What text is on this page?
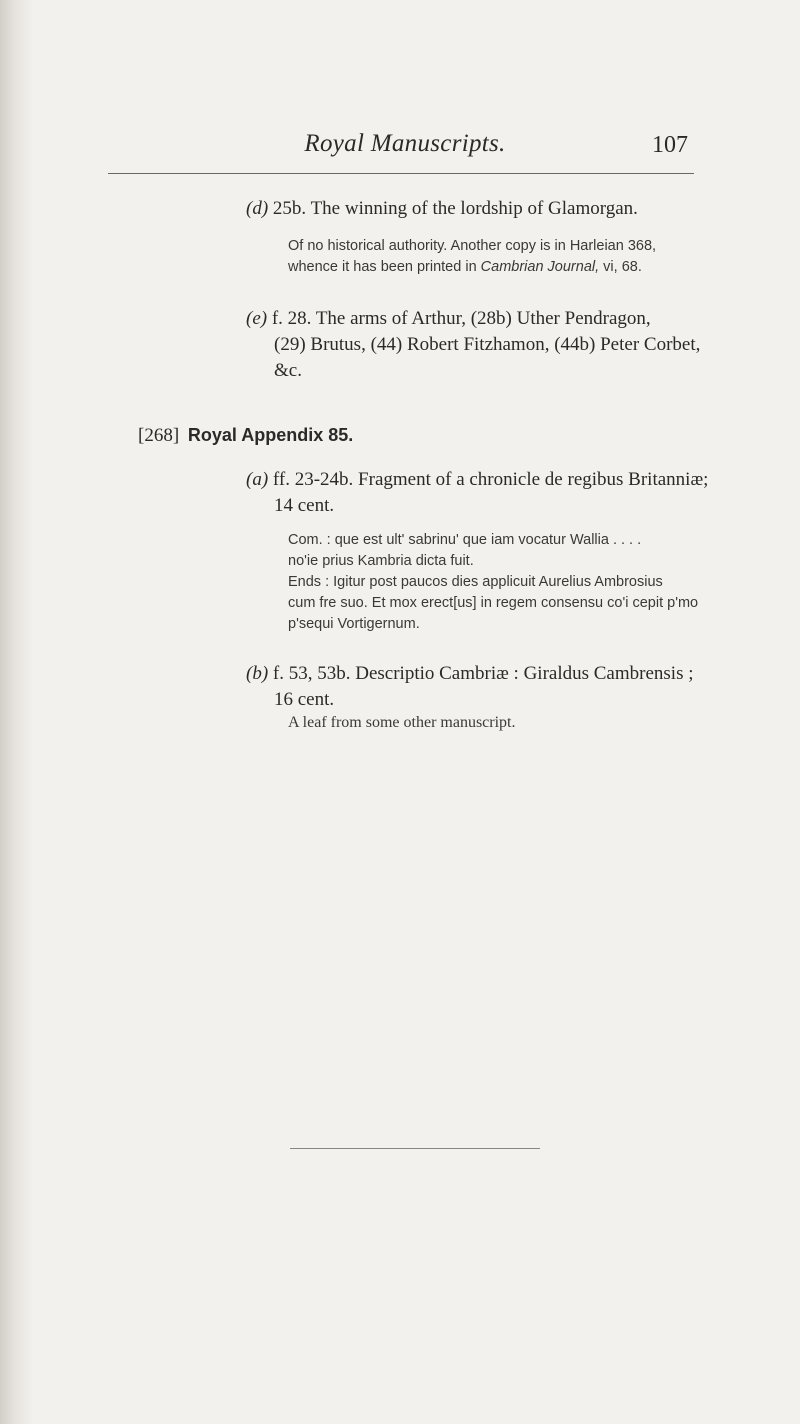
Royal Manuscripts.	107
(d) 25b. The winning of the lordship of Glamorgan.

Of no historical authority. Another copy is in Harleian 368,

whence it has been printed in Cambrian Journal, vi, 68.

(e) f. 28. The arms of Arthur, (28b) Uther Pendragon,
(29) Brutus, (44) Robert Fitzhamon, (44b) Peter Corbet,
&c.
[268] Royal Appendix 85.
(a) ff. 23-24b. Fragment of a chronicle de regibus Britanniæ;
14 cent.

Com. : que est ult' sabrinu' que iam vocatur Wallia . . . .

no'ie prius Kambria dicta fuit.

Ends : Igitur post paucos dies applicuit Aurelius Ambrosius

cum fre suo. Et mox erect[us] in regem consensu co'i cepit p'mo

p'sequi Vortigernum.

(b) f. 53, 53b. Descriptio Cambriæ : Giraldus Cambrensis ;
16 cent.
A leaf from some other manuscript.
